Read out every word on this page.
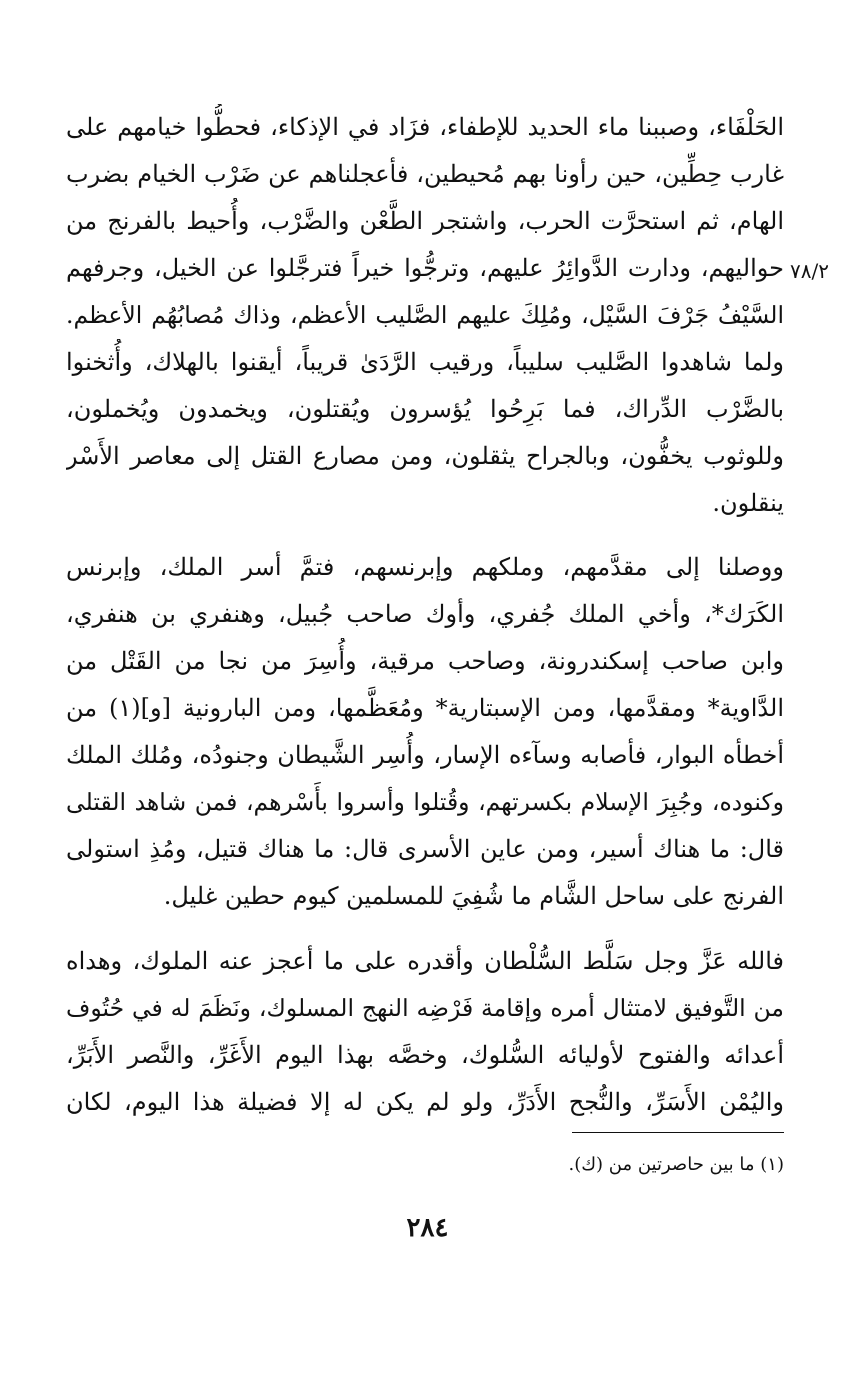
٧٨/٢
الحَلْفَاء، وصببنا ماء الحديد للإطفاء، فزَاد في الإذكاء، فحطُّوا خيامهم على
غارب حِطِّين، حين رأونا بهم مُحيطين، فأعجلناهم عن ضَرْب الخيام بضرب
الهام، ثم استحرَّت الحرب، واشتجر الطَّعْن والضَّرْب، وأُحيط بالفرنج من
حواليهم، ودارت الدَّوائِرُ عليهم، وترجُّوا خيراً فترجَّلوا عن الخيل، وجرفهم
السَّيْفُ جَرْفَ السَّيْل، ومُلِكَ عليهم الصَّليب الأعظم، وذاك مُصابُهُم الأعظم.
ولما شاهدوا الصَّليب سليباً، ورقيب الرَّدَىٰ قريباً، أيقنوا بالهلاك، وأُثخنوا
بالضَّرْب الدِّراك، فما بَرِحُوا يُؤسرون ويُقتلون، ويخمدون ويُخملون،
وللوثوب يخفُّون، وبالجراح يثقلون، ومن مصارع القتل إلى معاصر الأَسْر
ينقلون.
ووصلنا إلى مقدَّمهم، وملكهم وإبرنسهم، فتمَّ أسر الملك، وإبرنس
الكَرَك*، وأخي الملك جُفري، وأوك صاحب جُبيل، وهنفري بن هنفري،
وابن صاحب إسكندرونة، وصاحب مرقية، وأُسِرَ من نجا من القَتْل من
الدَّاوية* ومقدَّمها، ومن الإسبتارية* ومُعَظَّمها، ومن البارونية [و](١) من
أخطأه البوار، فأصابه وسآءه الإسار، وأُسِر الشَّيطان وجنودُه، ومُلك الملك
وكنوده، وجُبِرَ الإسلام بكسرتهم، وقُتلوا وأسروا بأَسْرهم، فمن شاهد القتلى
قال: ما هناك أسير، ومن عاين الأسرى قال: ما هناك قتيل، ومُذِ استولى
الفرنج على ساحل الشَّام ما شُفِيَ للمسلمين كيوم حطين غليل.
فالله عَزَّ وجل سَلَّط السُّلْطان وأقدره على ما أعجز عنه الملوك، وهداه
من التَّوفيق لامتثال أمره وإقامة فَرْضِه النهج المسلوك، ونَظَمَ له في حُتُوف
أعدائه والفتوح لأوليائه السُّلوك، وخصَّه بهذا اليوم الأَغَرِّ، والنَّصر الأَبَرِّ،
واليُمْن الأَسَرِّ، والنُّجح الأَدَرِّ، ولو لم يكن له إلا فضيلة هذا اليوم، لكان
(١) ما بين حاصرتين من (ك).
٢٨٤
